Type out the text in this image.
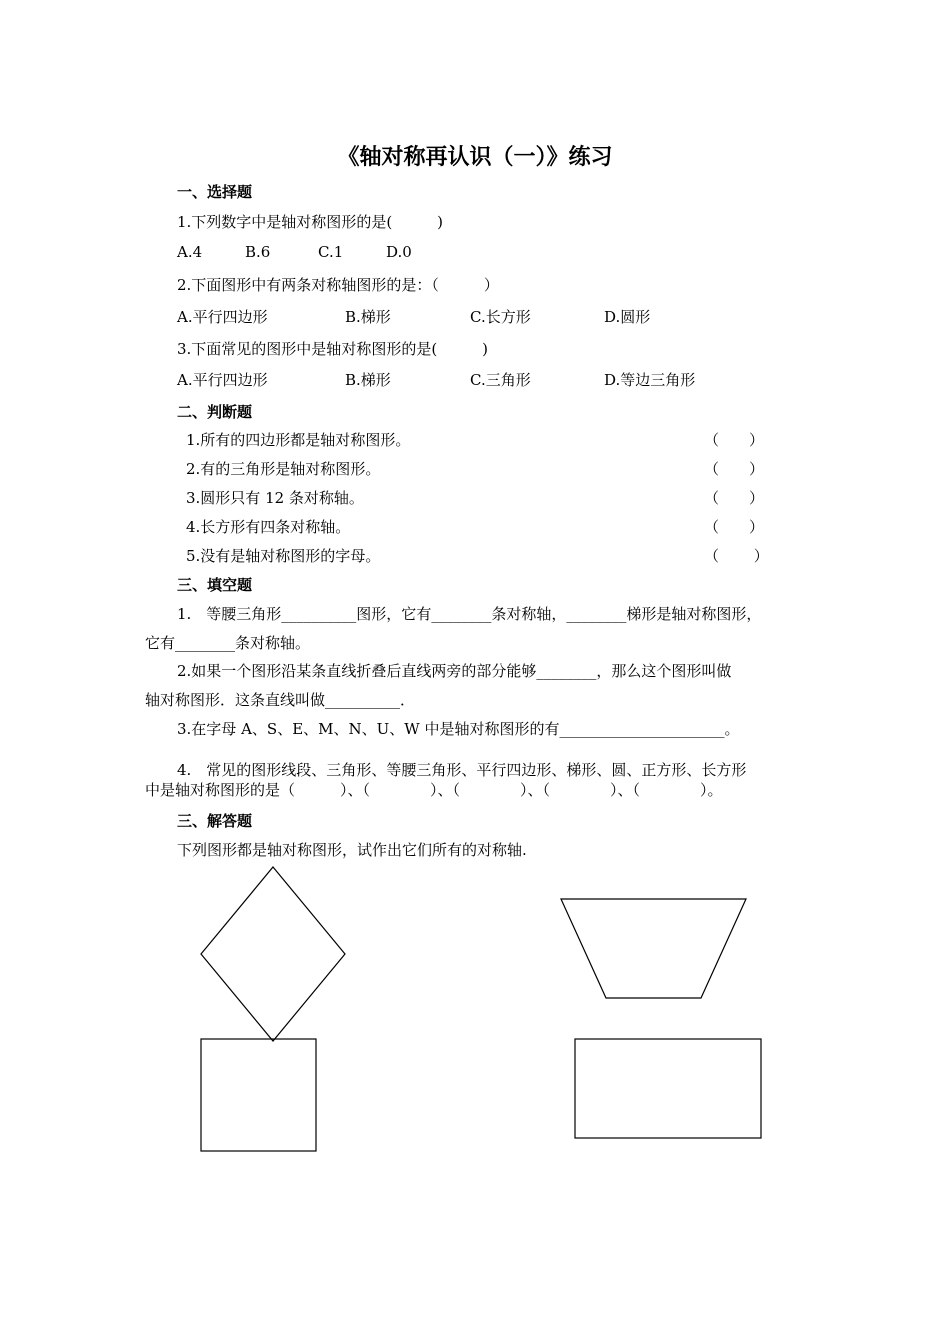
《轴对称再认识（一）》练习
一、选择题
1.下列数字中是轴对称图形的是(　　　)
A.4	B.6	C.1	D.0
2.下面图形中有两条对称轴图形的是：（　　　）
A.平行四边形	B.梯形	C.长方形	D.圆形
3.下面常见的图形中是轴对称图形的是(　　　)
A.平行四边形	B.梯形	C.三角形	D.等边三角形
二、判断题
1.所有的四边形都是轴对称图形。	（　　）
2.有的三角形是轴对称图形。	（　　）
3.圆形只有 12 条对称轴。	（　　）
4.长方形有四条对称轴。	（　　）
5.没有是轴对称图形的字母。	（　　 ）
三、填空题
1.　等腰三角形__________图形，它有________条对称轴，________梯形是轴对称图形，
它有________条对称轴。
2.如果一个图形沿某条直线折叠后直线两旁的部分能够________，那么这个图形叫做
轴对称图形．这条直线叫做__________．
3.在字母 A、S、E、M、N、U、W 中是轴对称图形的有______________________。
4.　常见的图形线段、三角形、等腰三角形、平行四边形、梯形、圆、正方形、长方形
中是轴对称图形的是（　　　）、（　　　　）、（　　　　）、（　　　　）、（　　　　）。
三、解答题
下列图形都是轴对称图形，试作出它们所有的对称轴.
